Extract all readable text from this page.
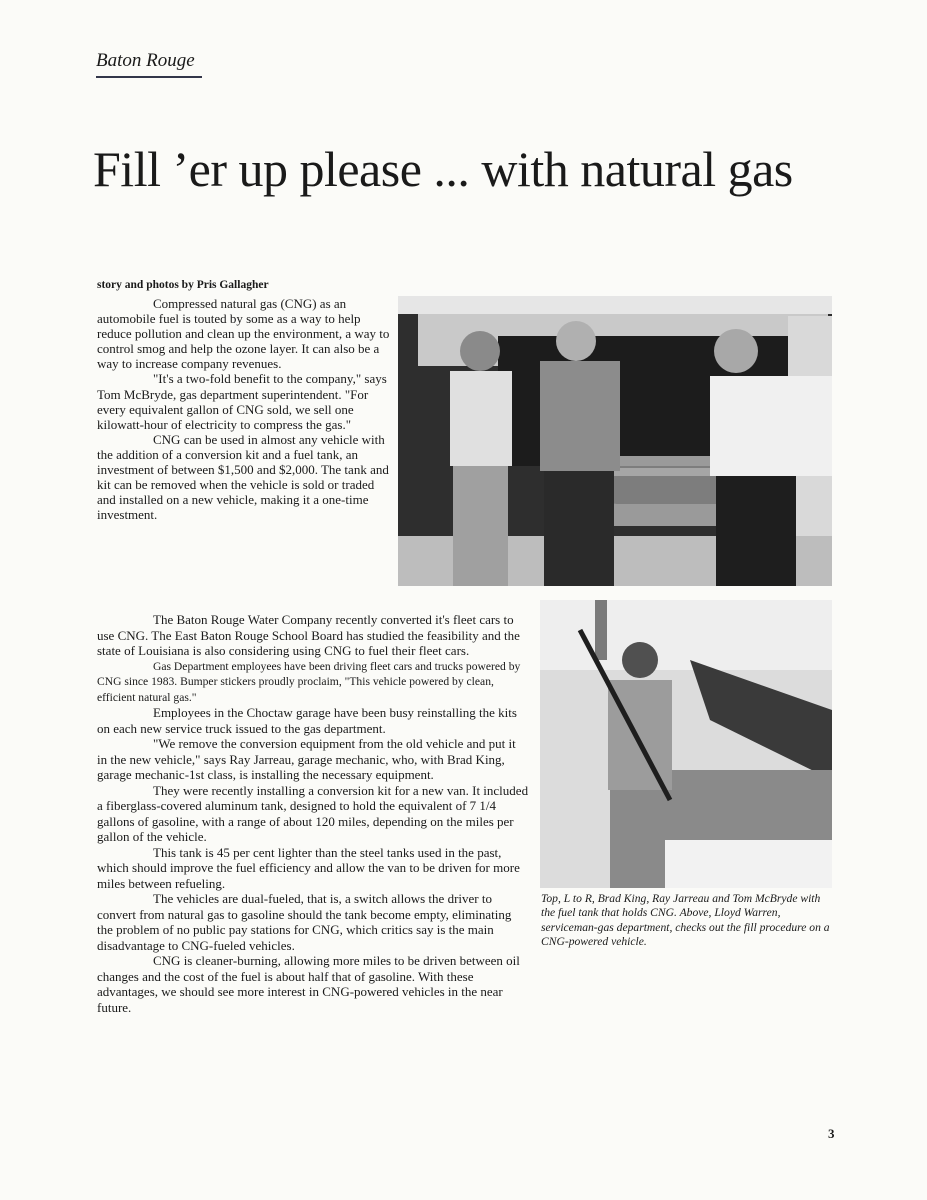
Baton Rouge
Fill ’er up please ... with natural gas
story and photos by Pris Gallagher

Compressed natural gas (CNG) as an automobile fuel is touted by some as a way to help reduce pollution and clean up the environment, a way to control smog and help the ozone layer. It can also be a way to increase company revenues.

"It's a two-fold benefit to the company," says Tom McBryde, gas department superintendent. "For every equivalent gallon of CNG sold, we sell one kilowatt-hour of electricity to compress the gas."

CNG can be used in almost any vehicle with the addition of a conversion kit and a fuel tank, an investment of between $1,500 and $2,000. The tank and kit can be removed when the vehicle is sold or traded and installed on a new vehicle, making it a one-time investment.

The Baton Rouge Water Company recently converted it's fleet cars to use CNG. The East Baton Rouge School Board has studied the feasibility and the state of Louisiana is also considering using CNG to fuel their fleet cars.

Gas Department employees have been driving fleet cars and trucks powered by CNG since 1983. Bumper stickers proudly proclaim, "This vehicle powered by clean, efficient natural gas."

Employees in the Choctaw garage have been busy reinstalling the kits on each new service truck issued to the gas department.

"We remove the conversion equipment from the old vehicle and put it in the new vehicle," says Ray Jarreau, garage mechanic, who, with Brad King, garage mechanic-1st class, is installing the necessary equipment.

They were recently installing a conversion kit for a new van. It included a fiberglass-covered aluminum tank, designed to hold the equivalent of 7 1/4 gallons of gasoline, with a range of about 120 miles, depending on the miles per gallon of the vehicle.

This tank is 45 per cent lighter than the steel tanks used in the past, which should improve the fuel efficiency and allow the van to be driven for more miles between refueling.

The vehicles are dual-fueled, that is, a switch allows the driver to convert from natural gas to gasoline should the tank become empty, eliminating the problem of no public pay stations for CNG, which critics say is the main disadvantage to CNG-fueled vehicles.

CNG is cleaner-burning, allowing more miles to be driven between oil changes and the cost of the fuel is about half that of gasoline. With these advantages, we should see more interest in CNG-powered vehicles in the near future.

Top, L to R, Brad King, Ray Jarreau and Tom McBryde with the fuel tank that holds CNG. Above, Lloyd Warren, serviceman-gas department, checks out the fill procedure on a CNG-powered vehicle.
3
